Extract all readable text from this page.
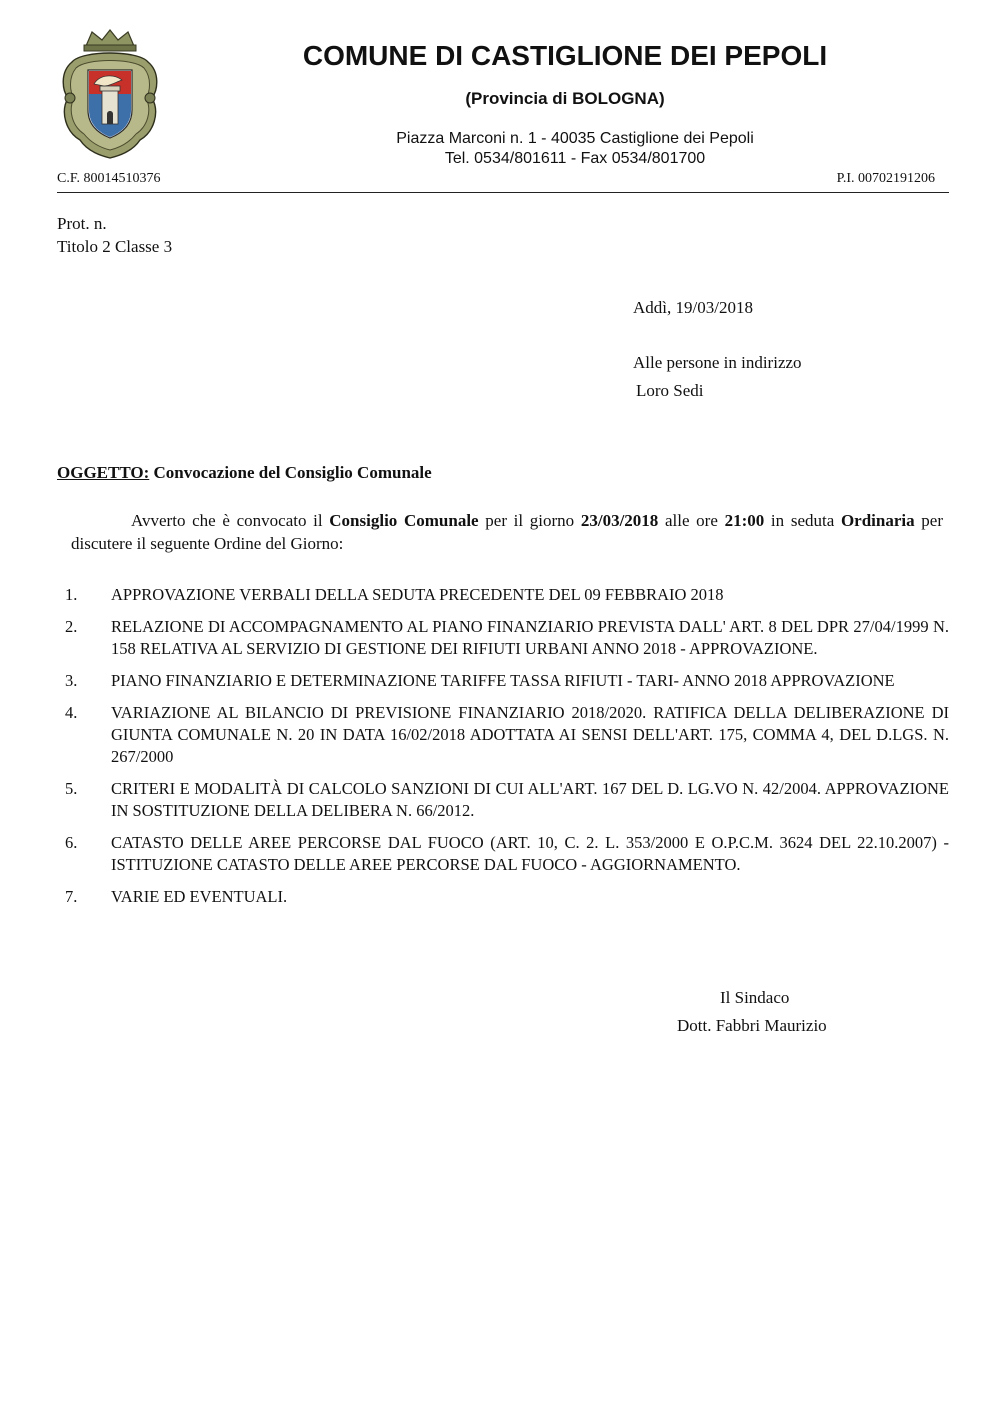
COMUNE DI CASTIGLIONE DEI PEPOLI
(Provincia di BOLOGNA)
Piazza Marconi n. 1 - 40035 Castiglione dei Pepoli
Tel. 0534/801611 - Fax 0534/801700
C.F. 80014510376	P.I. 00702191206
Prot. n.
Titolo 2 Classe 3
Addì, 19/03/2018
Alle persone in indirizzo
Loro Sedi
OGGETTO: Convocazione del Consiglio Comunale
Avverto che è convocato il Consiglio Comunale per il giorno 23/03/2018 alle ore 21:00 in seduta Ordinaria per discutere il seguente Ordine del Giorno:
1. APPROVAZIONE VERBALI DELLA SEDUTA PRECEDENTE DEL 09 FEBBRAIO 2018
2. RELAZIONE DI ACCOMPAGNAMENTO AL PIANO FINANZIARIO PREVISTA DALL' ART. 8 DEL DPR 27/04/1999 N. 158 RELATIVA AL SERVIZIO DI GESTIONE DEI RIFIUTI URBANI ANNO 2018 - APPROVAZIONE.
3. PIANO FINANZIARIO E DETERMINAZIONE TARIFFE TASSA RIFIUTI - TARI- ANNO 2018 APPROVAZIONE
4. VARIAZIONE AL BILANCIO DI PREVISIONE FINANZIARIO 2018/2020. RATIFICA DELLA DELIBERAZIONE DI GIUNTA COMUNALE N. 20 IN DATA 16/02/2018 ADOTTATA AI SENSI DELL'ART. 175, COMMA 4, DEL D.LGS. N. 267/2000
5. CRITERI E MODALITÀ DI CALCOLO SANZIONI DI CUI ALL'ART. 167 DEL D. LG.VO N. 42/2004. APPROVAZIONE IN SOSTITUZIONE DELLA DELIBERA N. 66/2012.
6. CATASTO DELLE AREE PERCORSE DAL FUOCO (ART. 10, C. 2. L. 353/2000 E O.P.C.M. 3624 DEL 22.10.2007) - ISTITUZIONE CATASTO DELLE AREE PERCORSE DAL FUOCO - AGGIORNAMENTO.
7. VARIE ED EVENTUALI.
Il Sindaco
Dott. Fabbri Maurizio
